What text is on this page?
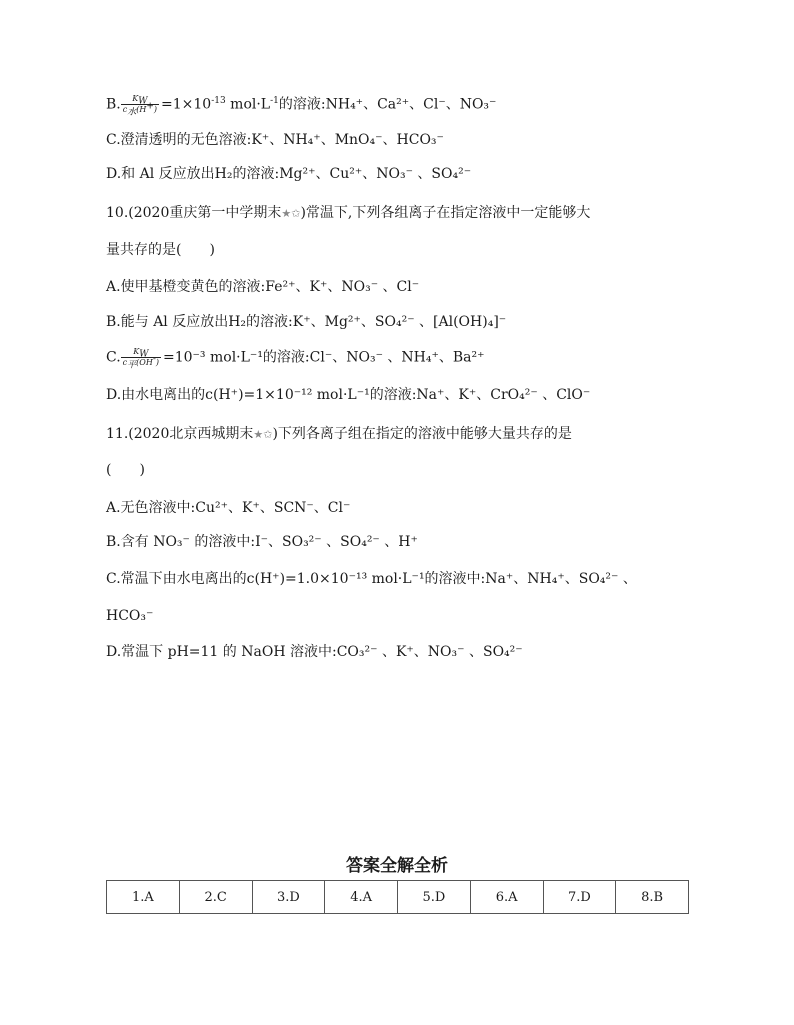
B. $\frac{K_W}{c_水(H^+)} =1\times 10^{-13}$ $mol\cdot L^{-1}$的溶液:NH₄⁺、Ca²⁺、Cl⁻、NO₃⁻
C.澄清透明的无色溶液:K⁺、NH₄⁺、MnO₄⁻、HCO₃⁻
D.和 Al 反应放出H₂的溶液:Mg²⁺、Cu²⁺、NO₃⁻ 、SO₄²⁻
10.(2020重庆第一中学期末★✩)常温下,下列各组离子在指定溶液中一定能够大
量共存的是(　　)
A.使甲基橙变黄色的溶液:Fe²⁺、K⁺、NO₃⁻ 、Cl⁻
B.能与 Al 反应放出H₂的溶液:K⁺、Mg²⁺、SO₄²⁻ 、[Al(OH)₄]⁻
C. $\frac{K_W}{c_平(OH^-)} =10^{-3}$ mol·L⁻¹的溶液:Cl⁻、NO₃⁻ 、NH₄⁺、Ba²⁺
D.由水电离出的c(H⁺)=1×10⁻¹² mol·L⁻¹的溶液:Na⁺、K⁺、CrO₄²⁻ 、ClO⁻
11.(2020北京西城期末★✩)下列各离子组在指定的溶液中能够大量共存的是
(　　)
A.无色溶液中:Cu²⁺、K⁺、SCN⁻、Cl⁻
B.含有 NO₃⁻ 的溶液中:I⁻、SO₃²⁻ 、SO₄²⁻ 、H⁺
C.常温下由水电离出的c(H⁺)=1.0×10⁻¹³ mol·L⁻¹的溶液中:Na⁺、NH₄⁺、SO₄²⁻ 、
HCO₃⁻
D.常温下 pH=11 的 NaOH 溶液中:CO₃²⁻ 、K⁺、NO₃⁻ 、SO₄²⁻
答案全解全析
1.A	2.C	3.D	4.A	5.D	6.A	7.D	8.B
